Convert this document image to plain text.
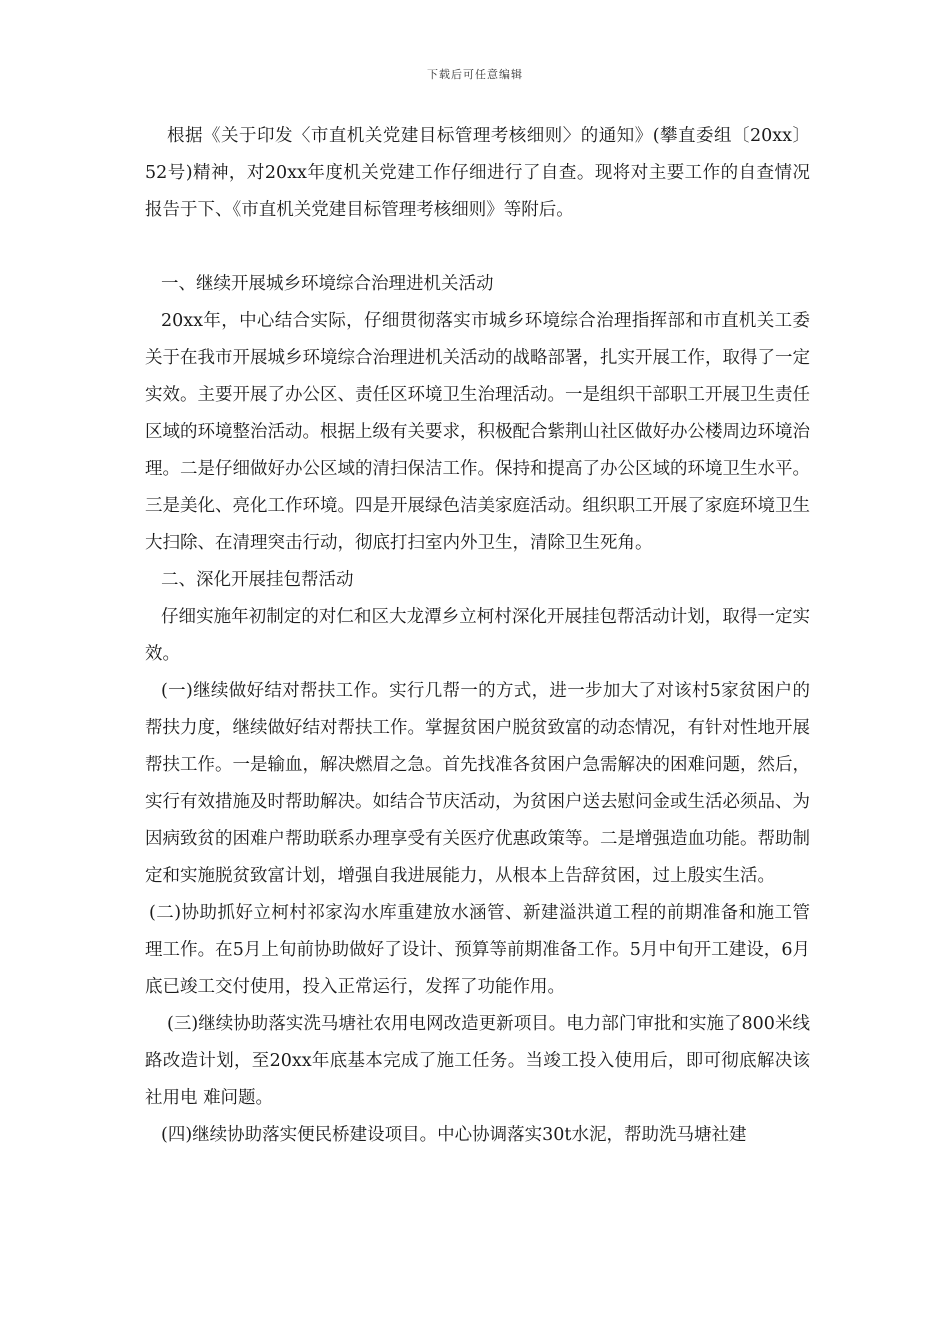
下载后可任意编辑

根据《关于印发〈市直机关党建目标管理考核细则〉的通知》(攀直委组〔20xx〕52号)精神，对20xx年度机关党建工作仔细进行了自查。现将对主要工作的自查情况报告于下、《市直机关党建目标管理考核细则》等附后。

一、继续开展城乡环境综合治理进机关活动

20xx年，中心结合实际，仔细贯彻落实市城乡环境综合治理指挥部和市直机关工委关于在我市开展城乡环境综合治理进机关活动的战略部署，扎实开展工作，取得了一定实效。主要开展了办公区、责任区环境卫生治理活动。一是组织干部职工开展卫生责任区域的环境整治活动。根据上级有关要求，积极配合紫荆山社区做好办公楼周边环境治理。二是仔细做好办公区域的清扫保洁工作。保持和提高了办公区域的环境卫生水平。三是美化、亮化工作环境。四是开展绿色洁美家庭活动。组织职工开展了家庭环境卫生大扫除、在清理突击行动，彻底打扫室内外卫生，清除卫生死角。

二、深化开展挂包帮活动

仔细实施年初制定的对仁和区大龙潭乡立柯村深化开展挂包帮活动计划，取得一定实效。

(一)继续做好结对帮扶工作。实行几帮一的方式，进一步加大了对该村5家贫困户的帮扶力度，继续做好结对帮扶工作。掌握贫困户脱贫致富的动态情况，有针对性地开展帮扶工作。一是输血，解决燃眉之急。首先找准各贫困户急需解决的困难问题，然后，实行有效措施及时帮助解决。如结合节庆活动，为贫困户送去慰问金或生活必须品、为因病致贫的困难户帮助联系办理享受有关医疗优惠政策等。二是增强造血功能。帮助制定和实施脱贫致富计划，增强自我进展能力，从根本上告辞贫困，过上殷实生活。

(二)协助抓好立柯村祁家沟水库重建放水涵管、新建溢洪道工程的前期准备和施工管理工作。在5月上旬前协助做好了设计、预算等前期准备工作。5月中旬开工建设，6月底已竣工交付使用，投入正常运行，发挥了功能作用。

(三)继续协助落实洗马塘社农用电网改造更新项目。电力部门审批和实施了800米线路改造计划，至20xx年底基本完成了施工任务。当竣工投入使用后，即可彻底解决该社用电 难问题。

(四)继续协助落实便民桥建设项目。中心协调落实30t水泥，帮助洗马塘社建
